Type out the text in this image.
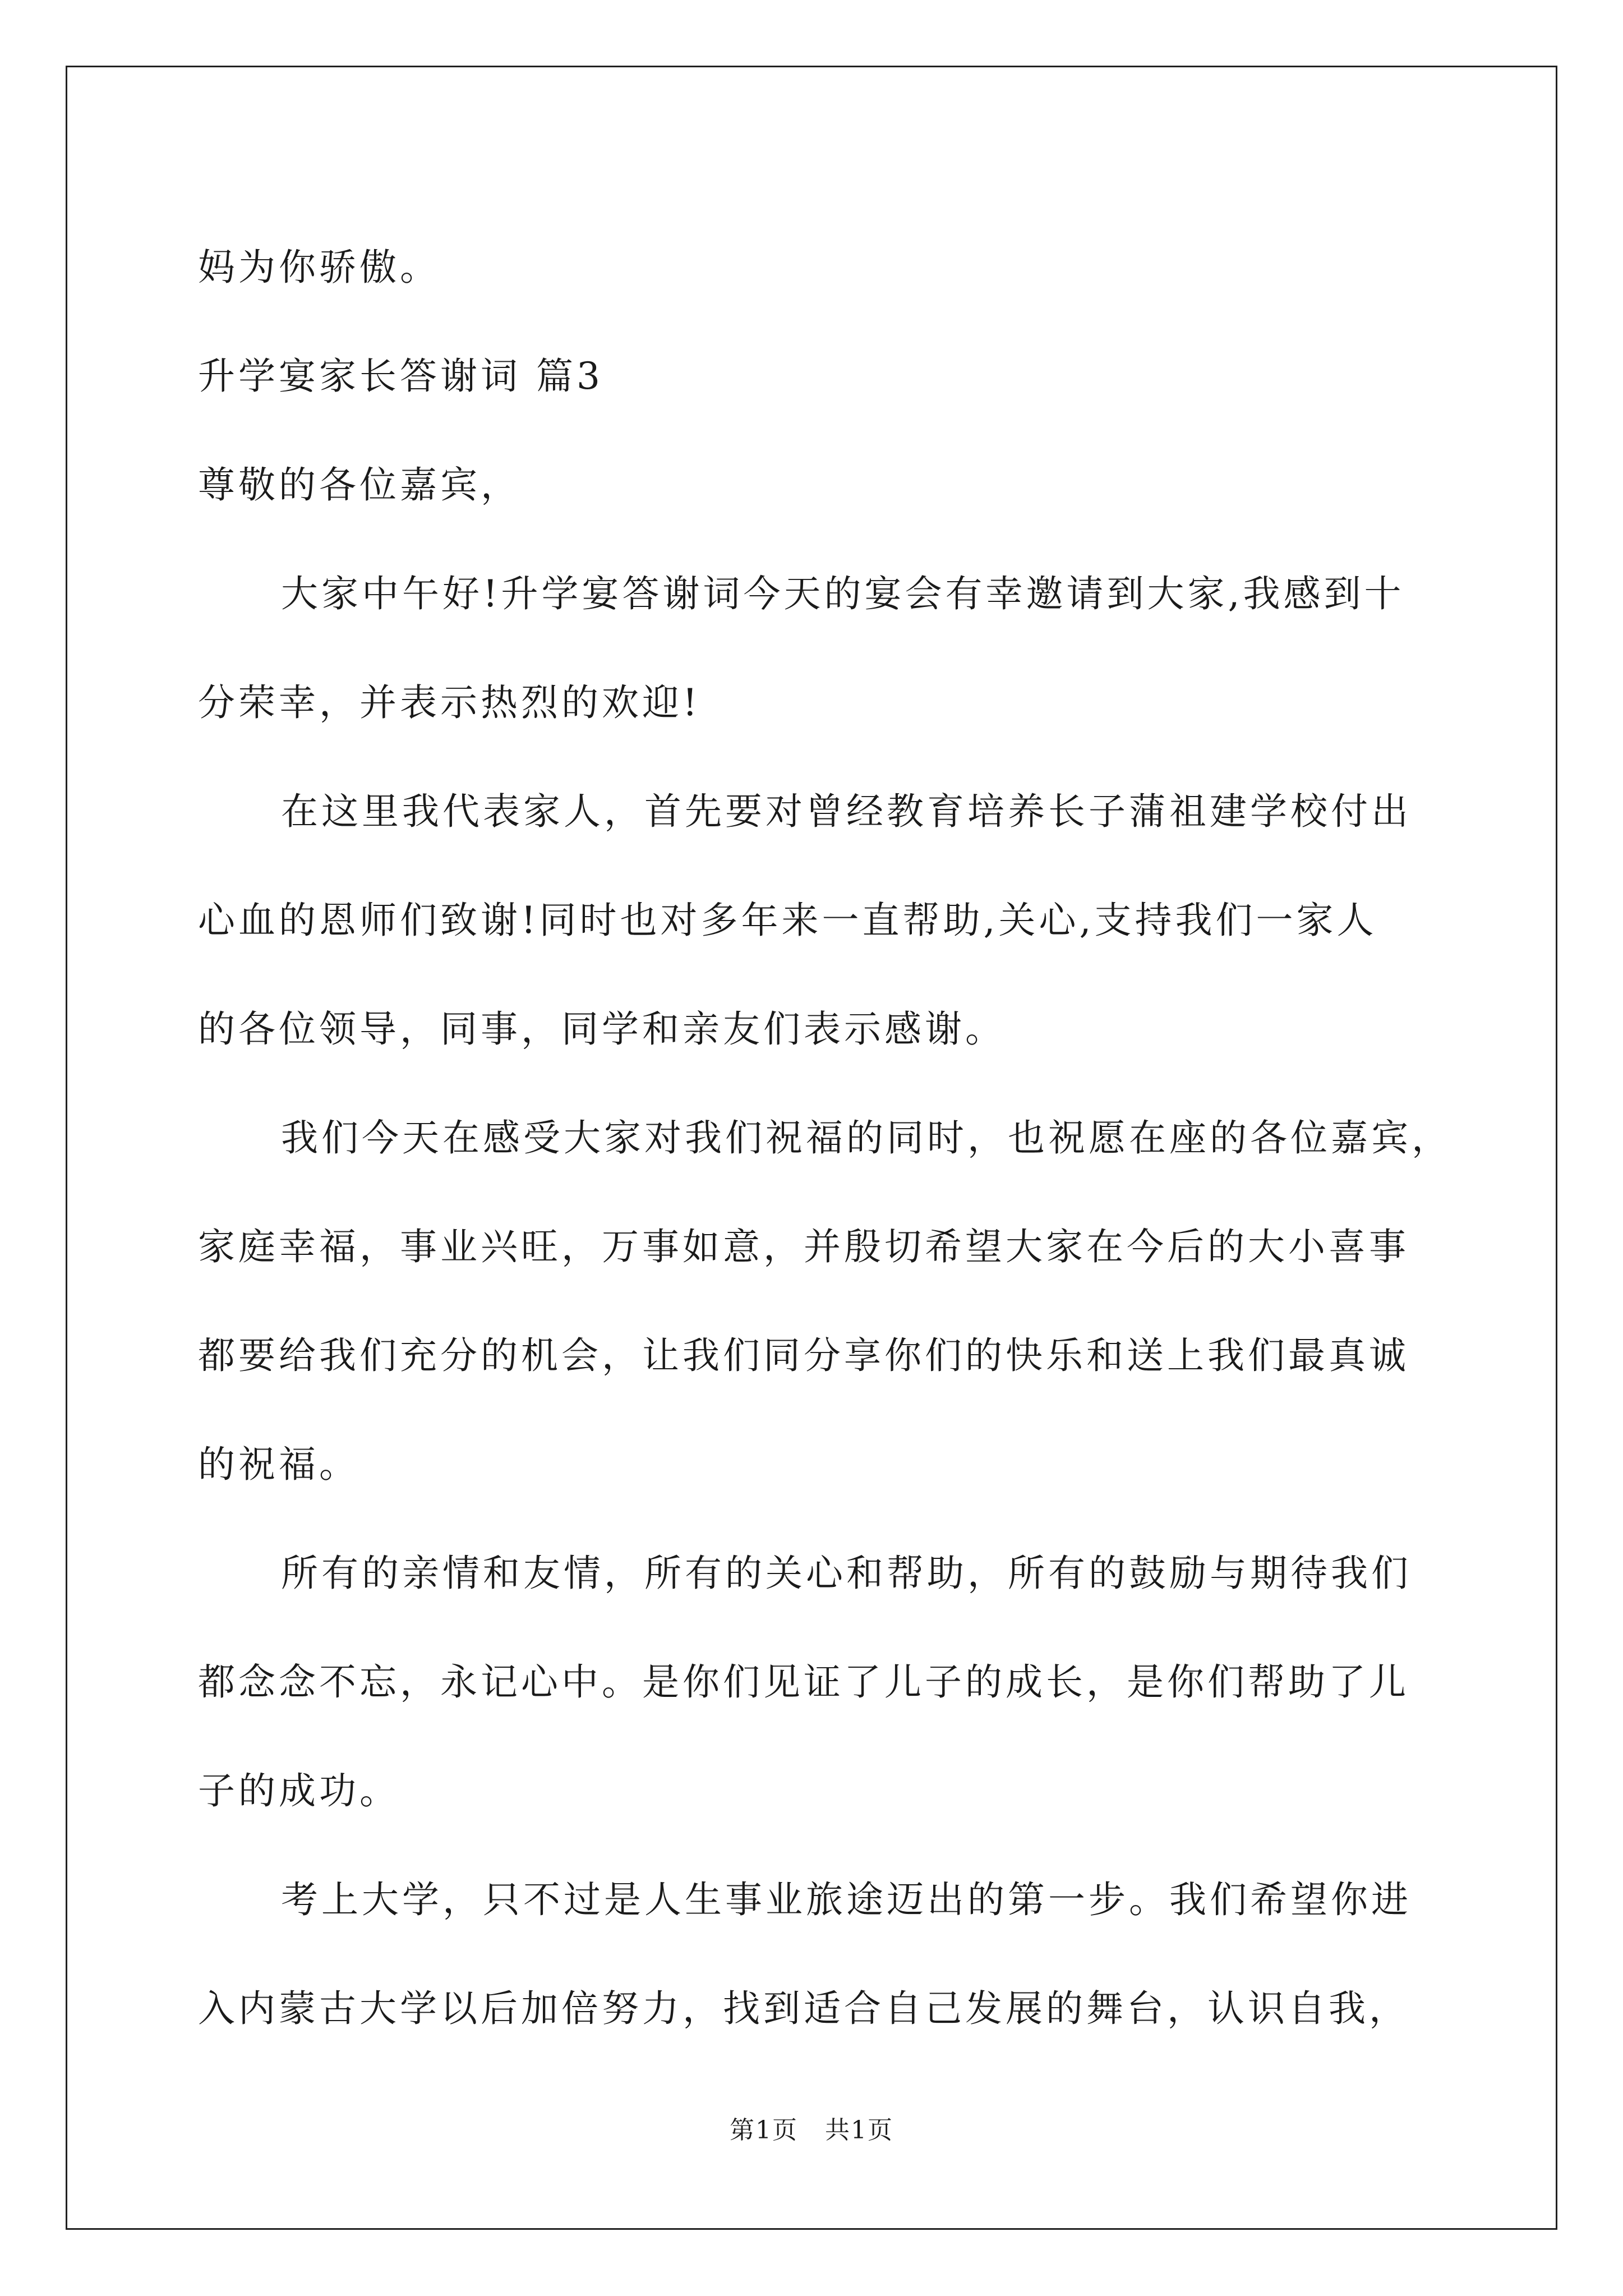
妈为你骄傲。
升学宴家长答谢词 篇3
尊敬的各位嘉宾，
大家中午好!升学宴答谢词今天的宴会有幸邀请到大家,我感到十
分荣幸，并表示热烈的欢迎!
在这里我代表家人，首先要对曾经教育培养长子蒲祖建学校付出
心血的恩师们致谢!同时也对多年来一直帮助,关心,支持我们一家人
的各位领导，同事，同学和亲友们表示感谢。
我们今天在感受大家对我们祝福的同时，也祝愿在座的各位嘉宾，
家庭幸福，事业兴旺，万事如意，并殷切希望大家在今后的大小喜事
都要给我们充分的机会，让我们同分享你们的快乐和送上我们最真诚
的祝福。
所有的亲情和友情，所有的关心和帮助，所有的鼓励与期待我们
都念念不忘，永记心中。是你们见证了儿子的成长，是你们帮助了儿
子的成功。
考上大学，只不过是人生事业旅途迈出的第一步。我们希望你进
入内蒙古大学以后加倍努力，找到适合自己发展的舞台，认识自我，
第1页 共1页
